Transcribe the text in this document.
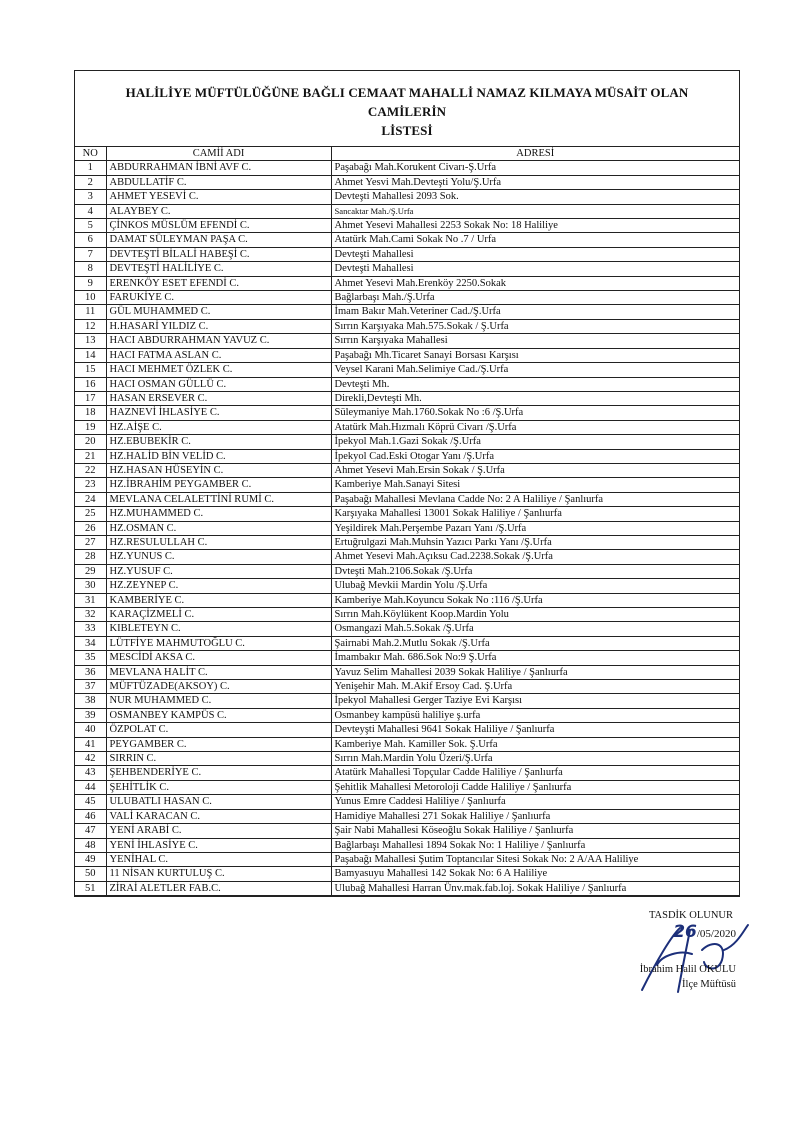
HALİLİYE MÜFTÜLÜĞÜNE BAĞLI CEMAAT MAHALLİ NAMAZ KILMAYA MÜSAİT OLAN CAMİLERİN
LİSTESİ
NO	CAMİİ ADI	ADRESİ
1	ABDURRAHMAN İBNİ AVF C.	Paşabağı Mah.Korukent Civarı-Ş.Urfa
2	ABDULLATİF C.	Ahmet Yesvi Mah.Devteşti Yolu/Ş.Urfa
3	AHMET YESEVİ C.	Devteşti Mahallesi 2093 Sok.
4	ALAYBEY C.	Sancaktar Mah./Ş.Urfa
5	ÇİNKOS MÜSLÜM EFENDİ C.	Ahmet Yesevi Mahallesi 2253 Sokak No: 18 Haliliye
6	DAMAT SÜLEYMAN PAŞA C.	Atatürk Mah.Cami Sokak No .7 / Urfa
7	DEVTEŞTİ BİLALİ HABEŞİ C.	Devteşti Mahallesi
8	DEVTEŞTİ HALİLİYE C.	Devteşti Mahallesi
9	ERENKÖY ESET EFENDİ C.	Ahmet Yesevi Mah.Erenköy 2250.Sokak
10	FARUKİYE C.	Bağlarbaşı Mah./Ş.Urfa
11	GÜL MUHAMMED C.	İmam Bakır Mah.Veteriner Cad./Ş.Urfa
12	H.HASARİ YILDIZ C.	Sırrın Karşıyaka Mah.575.Sokak / Ş.Urfa
13	HACI ABDURRAHMAN YAVUZ C.	Sırrın Karşıyaka Mahallesi
14	HACI FATMA ASLAN C.	Paşabağı Mh.Ticaret Sanayi Borsası Karşısı
15	HACI MEHMET ÖZLEK C.	Veysel Karani Mah.Selimiye Cad./Ş.Urfa
16	HACI OSMAN GÜLLÜ C.	Devteşti Mh.
17	HASAN ERSEVER C.	Direkli,Devteşti Mh.
18	HAZNEVİ İHLASİYE C.	Süleymaniye Mah.1760.Sokak No :6 /Ş.Urfa
19	HZ.AİŞE C.	Atatürk Mah.Hızmalı Köprü Civarı /Ş.Urfa
20	HZ.EBUBEKİR C.	İpekyol Mah.1.Gazi Sokak /Ş.Urfa
21	HZ.HALİD BİN VELİD C.	İpekyol Cad.Eski Otogar Yanı /Ş.Urfa
22	HZ.HASAN HÜSEYİN C.	Ahmet Yesevi Mah.Ersin Sokak / Ş.Urfa
23	HZ.İBRAHİM PEYGAMBER C.	Kamberiye Mah.Sanayi Sitesi
24	MEVLANA CELALETTİNİ RUMİ C.	Paşabağı Mahallesi Mevlana Cadde No: 2 A Haliliye / Şanlıurfa
25	HZ.MUHAMMED C.	Karşıyaka Mahallesi 13001 Sokak Haliliye / Şanlıurfa
26	HZ.OSMAN C.	Yeşildirek Mah.Perşembe Pazarı Yanı /Ş.Urfa
27	HZ.RESULULLAH C.	Ertuğrulgazi Mah.Muhsin Yazıcı Parkı Yanı /Ş.Urfa
28	HZ.YUNUS C.	Ahmet Yesevi Mah.Açıksu Cad.2238.Sokak /Ş.Urfa
29	HZ.YUSUF C.	Dvteşti Mah.2106.Sokak /Ş.Urfa
30	HZ.ZEYNEP C.	Ulubağ Mevkii Mardin Yolu /Ş.Urfa
31	KAMBERİYE C.	Kamberiye Mah.Koyuncu Sokak No :116 /Ş.Urfa
32	KARAÇİZMELİ C.	Sırrın Mah.Köylükent Koop.Mardin Yolu
33	KIBLETEYN C.	Osmangazi Mah.5.Sokak /Ş.Urfa
34	LÜTFİYE MAHMUTOĞLU C.	Şairnabi Mah.2.Mutlu Sokak /Ş.Urfa
35	MESCİDİ AKSA C.	İmambakır Mah. 686.Sok No:9 Ş.Urfa
36	MEVLANA HALİT C.	Yavuz Selim Mahallesi 2039 Sokak Haliliye / Şanlıurfa
37	MÜFTÜZADE(AKSOY) C.	Yenişehir Mah. M.Akif Ersoy Cad. Ş.Urfa
38	NUR MUHAMMED C.	İpekyol Mahallesi Gerger Taziye Evi Karşısı
39	OSMANBEY KAMPÜS C.	Osmanbey kampüsü haliliye ş.urfa
40	ÖZPOLAT C.	Devteyşti Mahallesi 9641 Sokak Haliliye / Şanlıurfa
41	PEYGAMBER C.	Kamberiye Mah. Kamiller Sok. Ş.Urfa
42	SIRRIN C.	Sırrın Mah.Mardin Yolu Üzeri/Ş.Urfa
43	ŞEHBENDERİYE C.	Atatürk Mahallesi Topçular Cadde Haliliye / Şanlıurfa
44	ŞEHİTLİK C.	Şehitlik Mahallesi Metoroloji Cadde Haliliye / Şanlıurfa
45	ULUBATLI HASAN C.	Yunus Emre Caddesi Haliliye / Şanlıurfa
46	VALİ KARACAN C.	Hamidiye Mahallesi 271 Sokak Haliliye / Şanlıurfa
47	YENİ ARABİ C.	Şair Nabi Mahallesi Köseoğlu Sokak Haliliye / Şanlıurfa
48	YENİ İHLASİYE C.	Bağlarbaşı Mahallesi 1894 Sokak No: 1 Haliliye / Şanlıurfa
49	YENİHAL C.	Paşabağı Mahallesi Şutim Toptancılar Sitesi Sokak No: 2 A/AA Haliliye
50	11 NİSAN KURTULUŞ C.	Bamyasuyu Mahallesi 142 Sokak No: 6 A Haliliye
51	ZİRAİ ALETLER FAB.C.	Ulubağ Mahallesi Harran Ünv.mak.fab.loj. Sokak Haliliye / Şanlıurfa
TASDİK OLUNUR
26/05/2020
İbrahim Halil OKULU
İlçe Müftüsü
